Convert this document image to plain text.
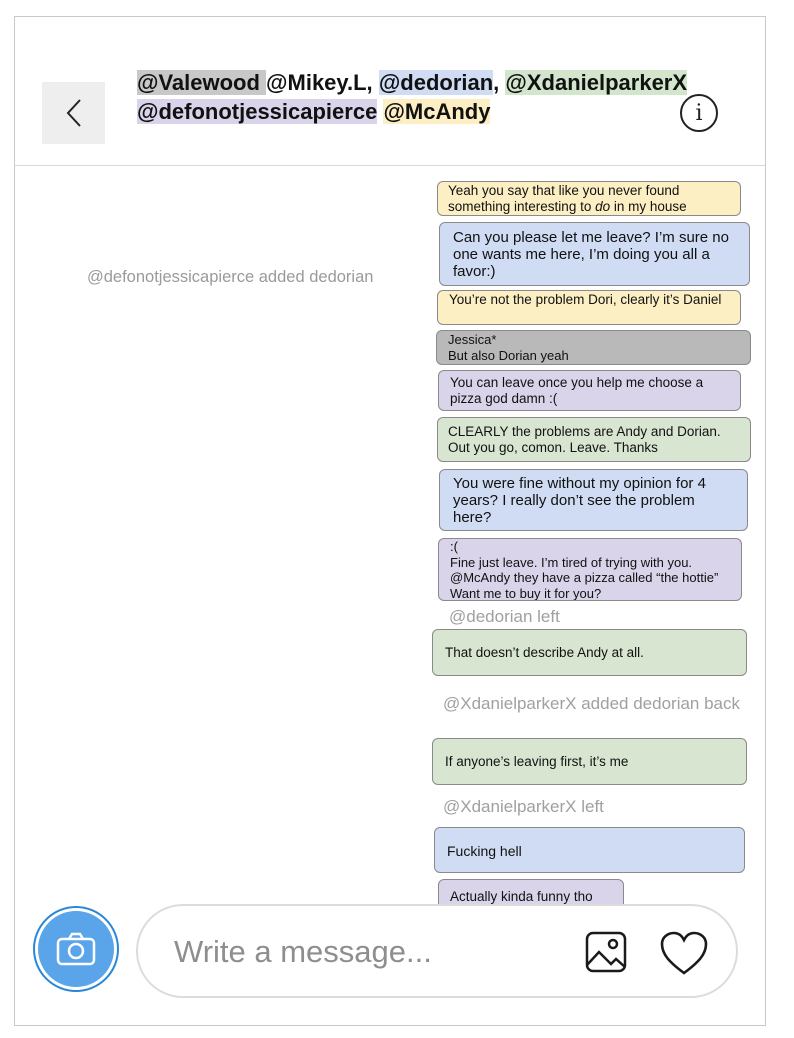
@Valewood @Mikey.L, @dedorian, @XdanielparkerX
@defonotjessicapierce @McAndy	i
@defonotjessicapierce added dedorian
Yeah you say that like you never found something interesting to do in my house
Can you please let me leave? I’m sure no one wants me here, I’m doing you all a favor:)
You’re not the problem Dori, clearly it’s Daniel
Jessica*
But also Dorian yeah
You can leave once you help me choose a pizza god damn :(
CLEARLY the problems are Andy and Dorian. Out you go, comon. Leave. Thanks
You were fine without my opinion for 4 years? I really don’t see the problem here?
:(
Fine just leave. I’m tired of trying with you. @McAndy they have a pizza called “the hottie” Want me to buy it for you?
@dedorian left
That doesn’t describe Andy at all.
@XdanielparkerX added dedorian back
If anyone’s leaving first, it’s me
@XdanielparkerX left
Fucking hell
Actually kinda funny tho
Write a message...
